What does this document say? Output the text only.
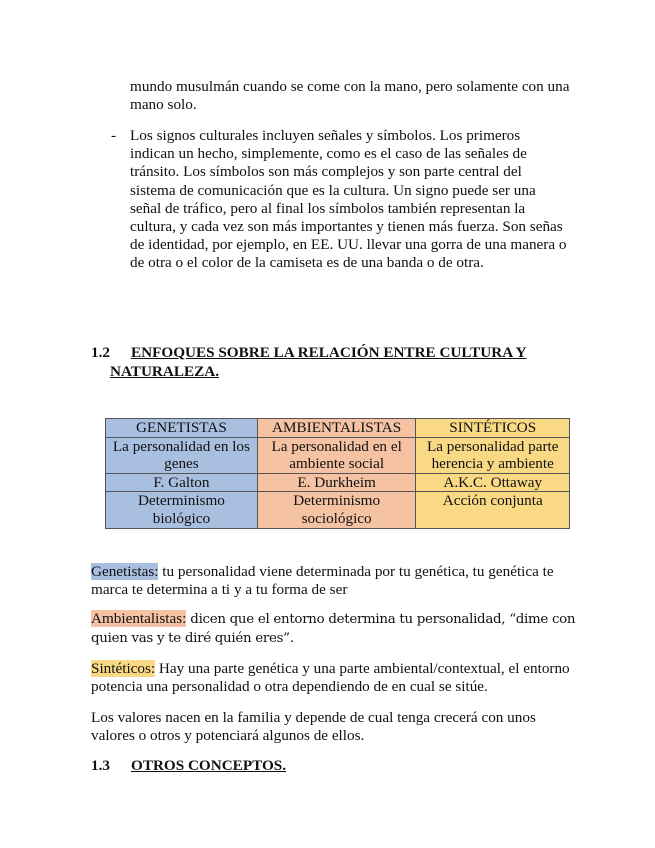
mundo musulmán cuando se come con la mano, pero solamente con una mano solo.

- Los signos culturales incluyen señales y símbolos. Los primeros indican un hecho, simplemente, como es el caso de las señales de tránsito. Los símbolos son más complejos y son parte central del sistema de comunicación que es la cultura. Un signo puede ser una señal de tráfico, pero al final los símbolos también representan la cultura, y cada vez son más importantes y tienen más fuerza. Son señas de identidad, por ejemplo, en EE. UU. llevar una gorra de una manera o de otra o el color de la camiseta es de una banda o de otra.

1.2 ENFOQUES SOBRE LA RELACIÓN ENTRE CULTURA Y
NATURALEZA.
GENETISTAS	AMBIENTALISTAS	SINTÉTICOS
La personalidad en los genes	La personalidad en el ambiente social	La personalidad parte herencia y ambiente
F. Galton	E. Durkheim	A.K.C. Ottaway
Determinismo biológico	Determinismo sociológico	Acción conjunta

Genetistas: tu personalidad viene determinada por tu genética, tu genética te marca te determina a ti y a tu forma de ser

Ambientalistas: dicen que el entorno determina tu personalidad, “dime con quien vas y te diré quién eres”.

Sintéticos: Hay una parte genética y una parte ambiental/contextual, el entorno potencia una personalidad o otra dependiendo de en cual se sitúe.

Los valores nacen en la familia y depende de cual tenga crecerá con unos valores o otros y potenciará algunos de ellos.

1.3 OTROS CONCEPTOS.
